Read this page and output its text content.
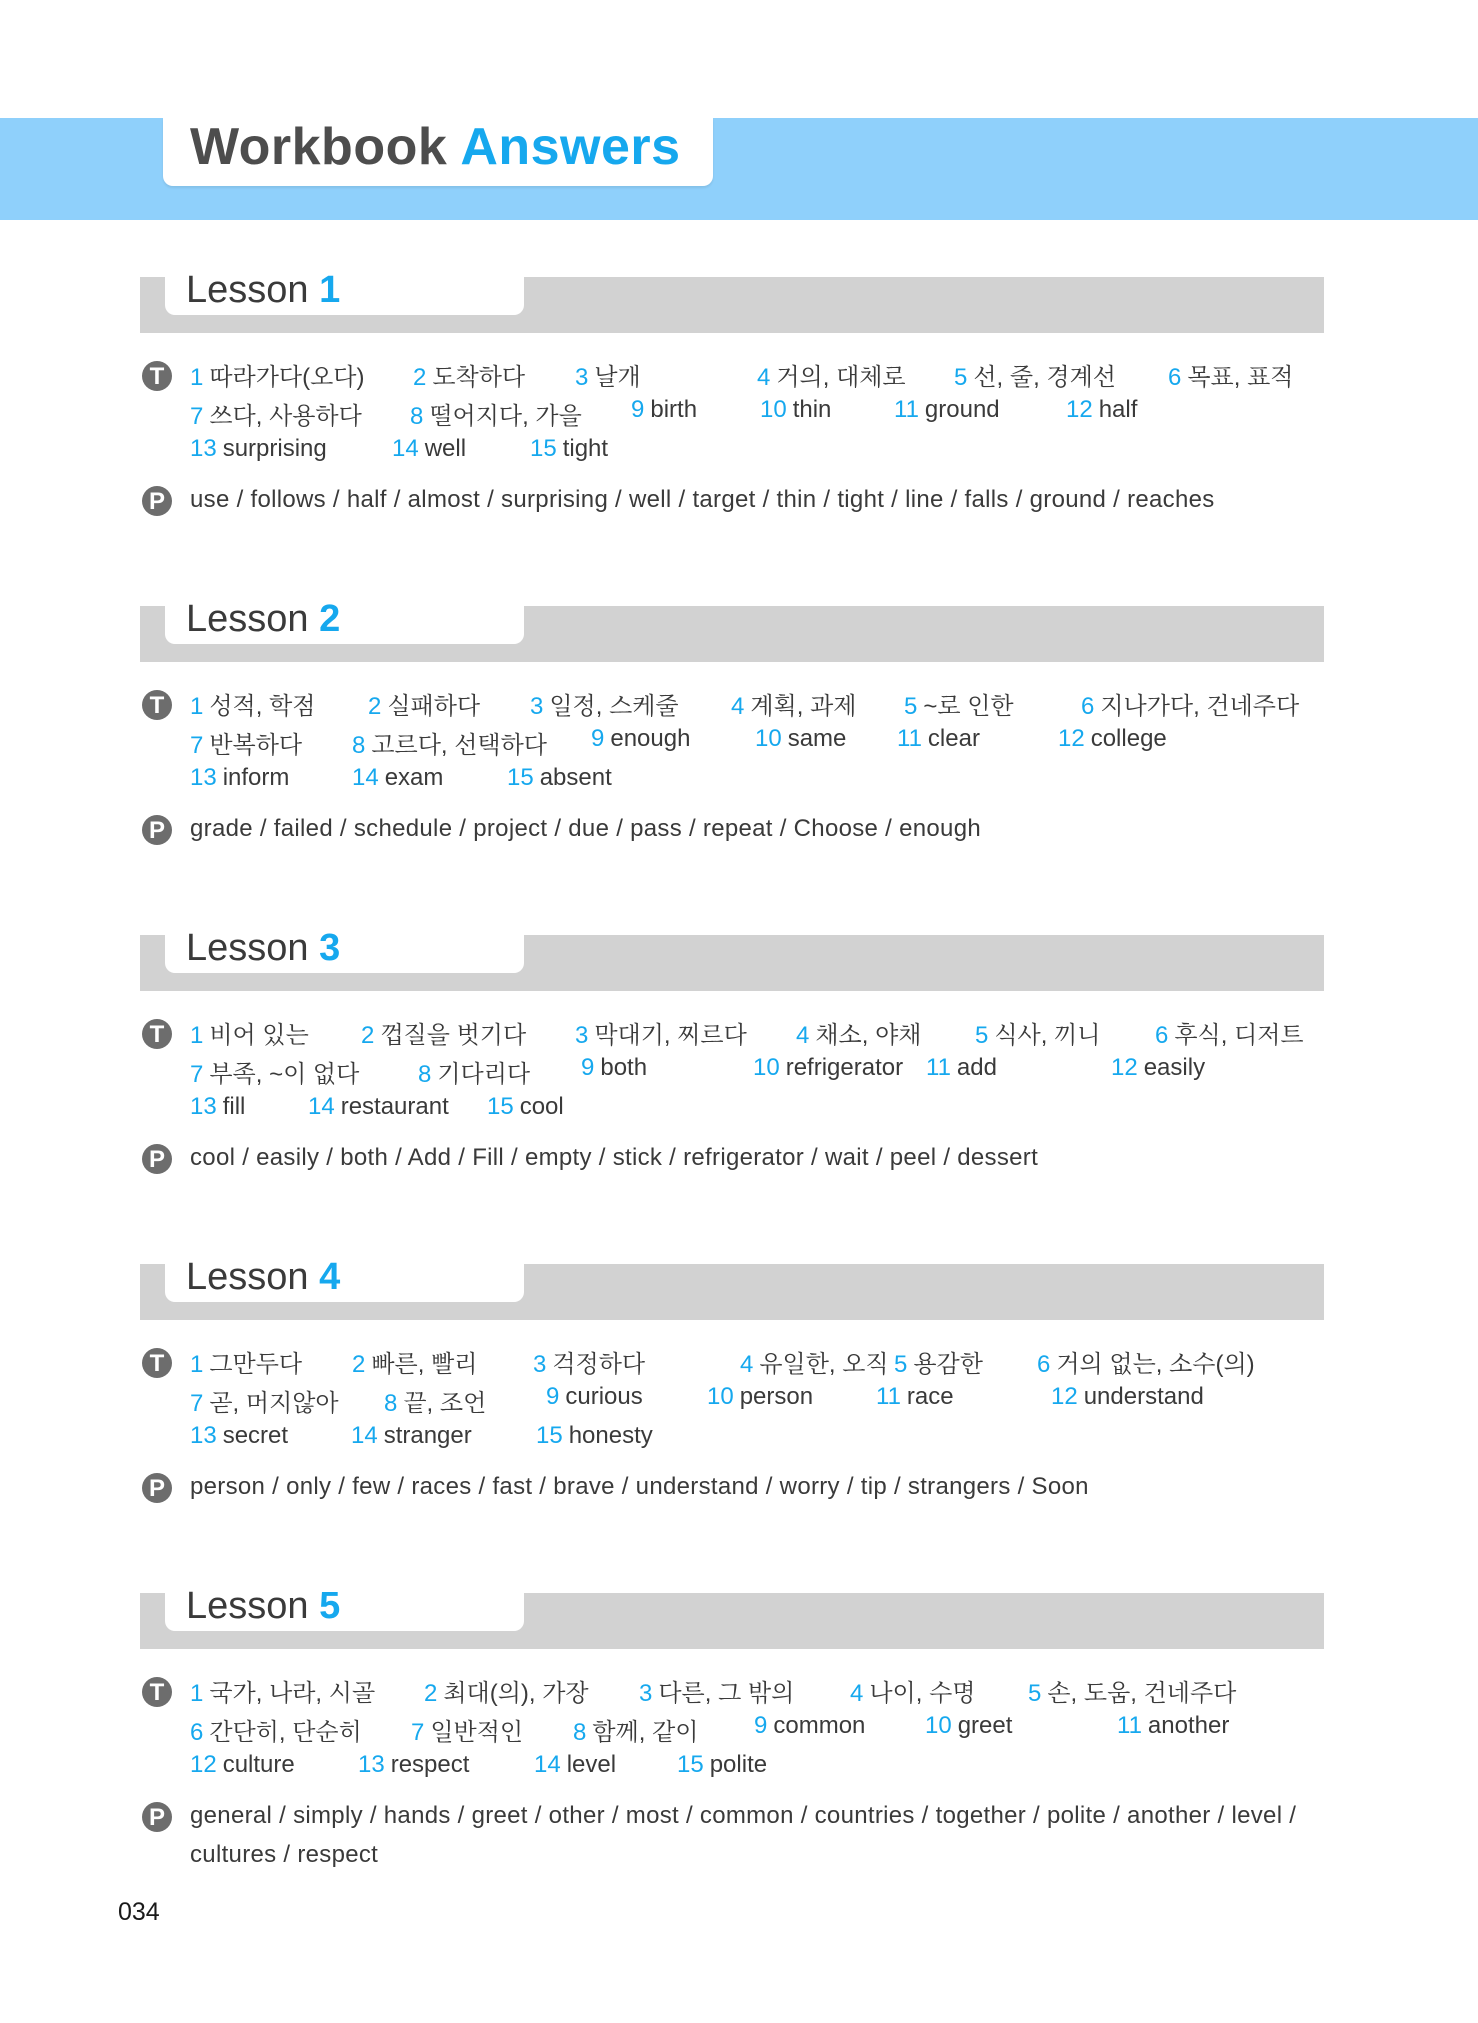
Workbook Answers
Lesson 1
T	1 따라가다(오다) 2 도착하다 3 날개	4 거의, 대체로 5 선, 줄, 경계선 6 목표, 표적
7 쓰다, 사용하다 8 떨어지다, 가을 9 birth	10 thin	11 ground	12 half
13 surprising	14 well	15 tight
P use / follows / half / almost / surprising / well / target / thin / tight / line / falls / ground / reaches
Lesson 2
T	1 성적, 학점 2 실패하다 3 일정, 스케줄 4 계획, 과제 5 ~로 인한	6 지나가다, 건네주다
7 반복하다 8 고르다, 선택하다 9 enough	10 same 11 clear	12 college
13 inform	14 exam	15 absent
P grade / failed / schedule / project / due / pass / repeat / Choose / enough
Lesson 3
T	1 비어 있는 2 껍질을 벗기다 3 막대기, 찌르다 4 채소, 야채 5 식사, 끼니 6 후식, 디저트
7 부족, ~이 없다 8 기다리다 9 both	10 refrigerator 11 add	12 easily
13 fill	14 restaurant 15 cool
P cool / easily / both / Add / Fill / empty / stick / refrigerator / wait / peel / dessert
Lesson 4
T	1 그만두다 2 빠른, 빨리 3 걱정하다	4 유일한, 오직 5 용감한 6 거의 없는, 소수(의)
7 곧, 머지않아 8 끝, 조언 9 curious	10 person	11 race	12 understand
13 secret	14 stranger	15 honesty
P person / only / few / races / fast / brave / understand / worry / tip / strangers / Soon
Lesson 5
T	1 국가, 나라, 시골 2 최대(의), 가장 3 다른, 그 밖의 4 나이, 수명 5 손, 도움, 건네주다
6 간단히, 단순히 7 일반적인 8 함께, 같이 9 common 10 greet	11 another
12 culture	13 respect	14 level	15 polite
P general / simply / hands / greet / other / most / common / countries / together / polite / another / level / cultures / respect
034
